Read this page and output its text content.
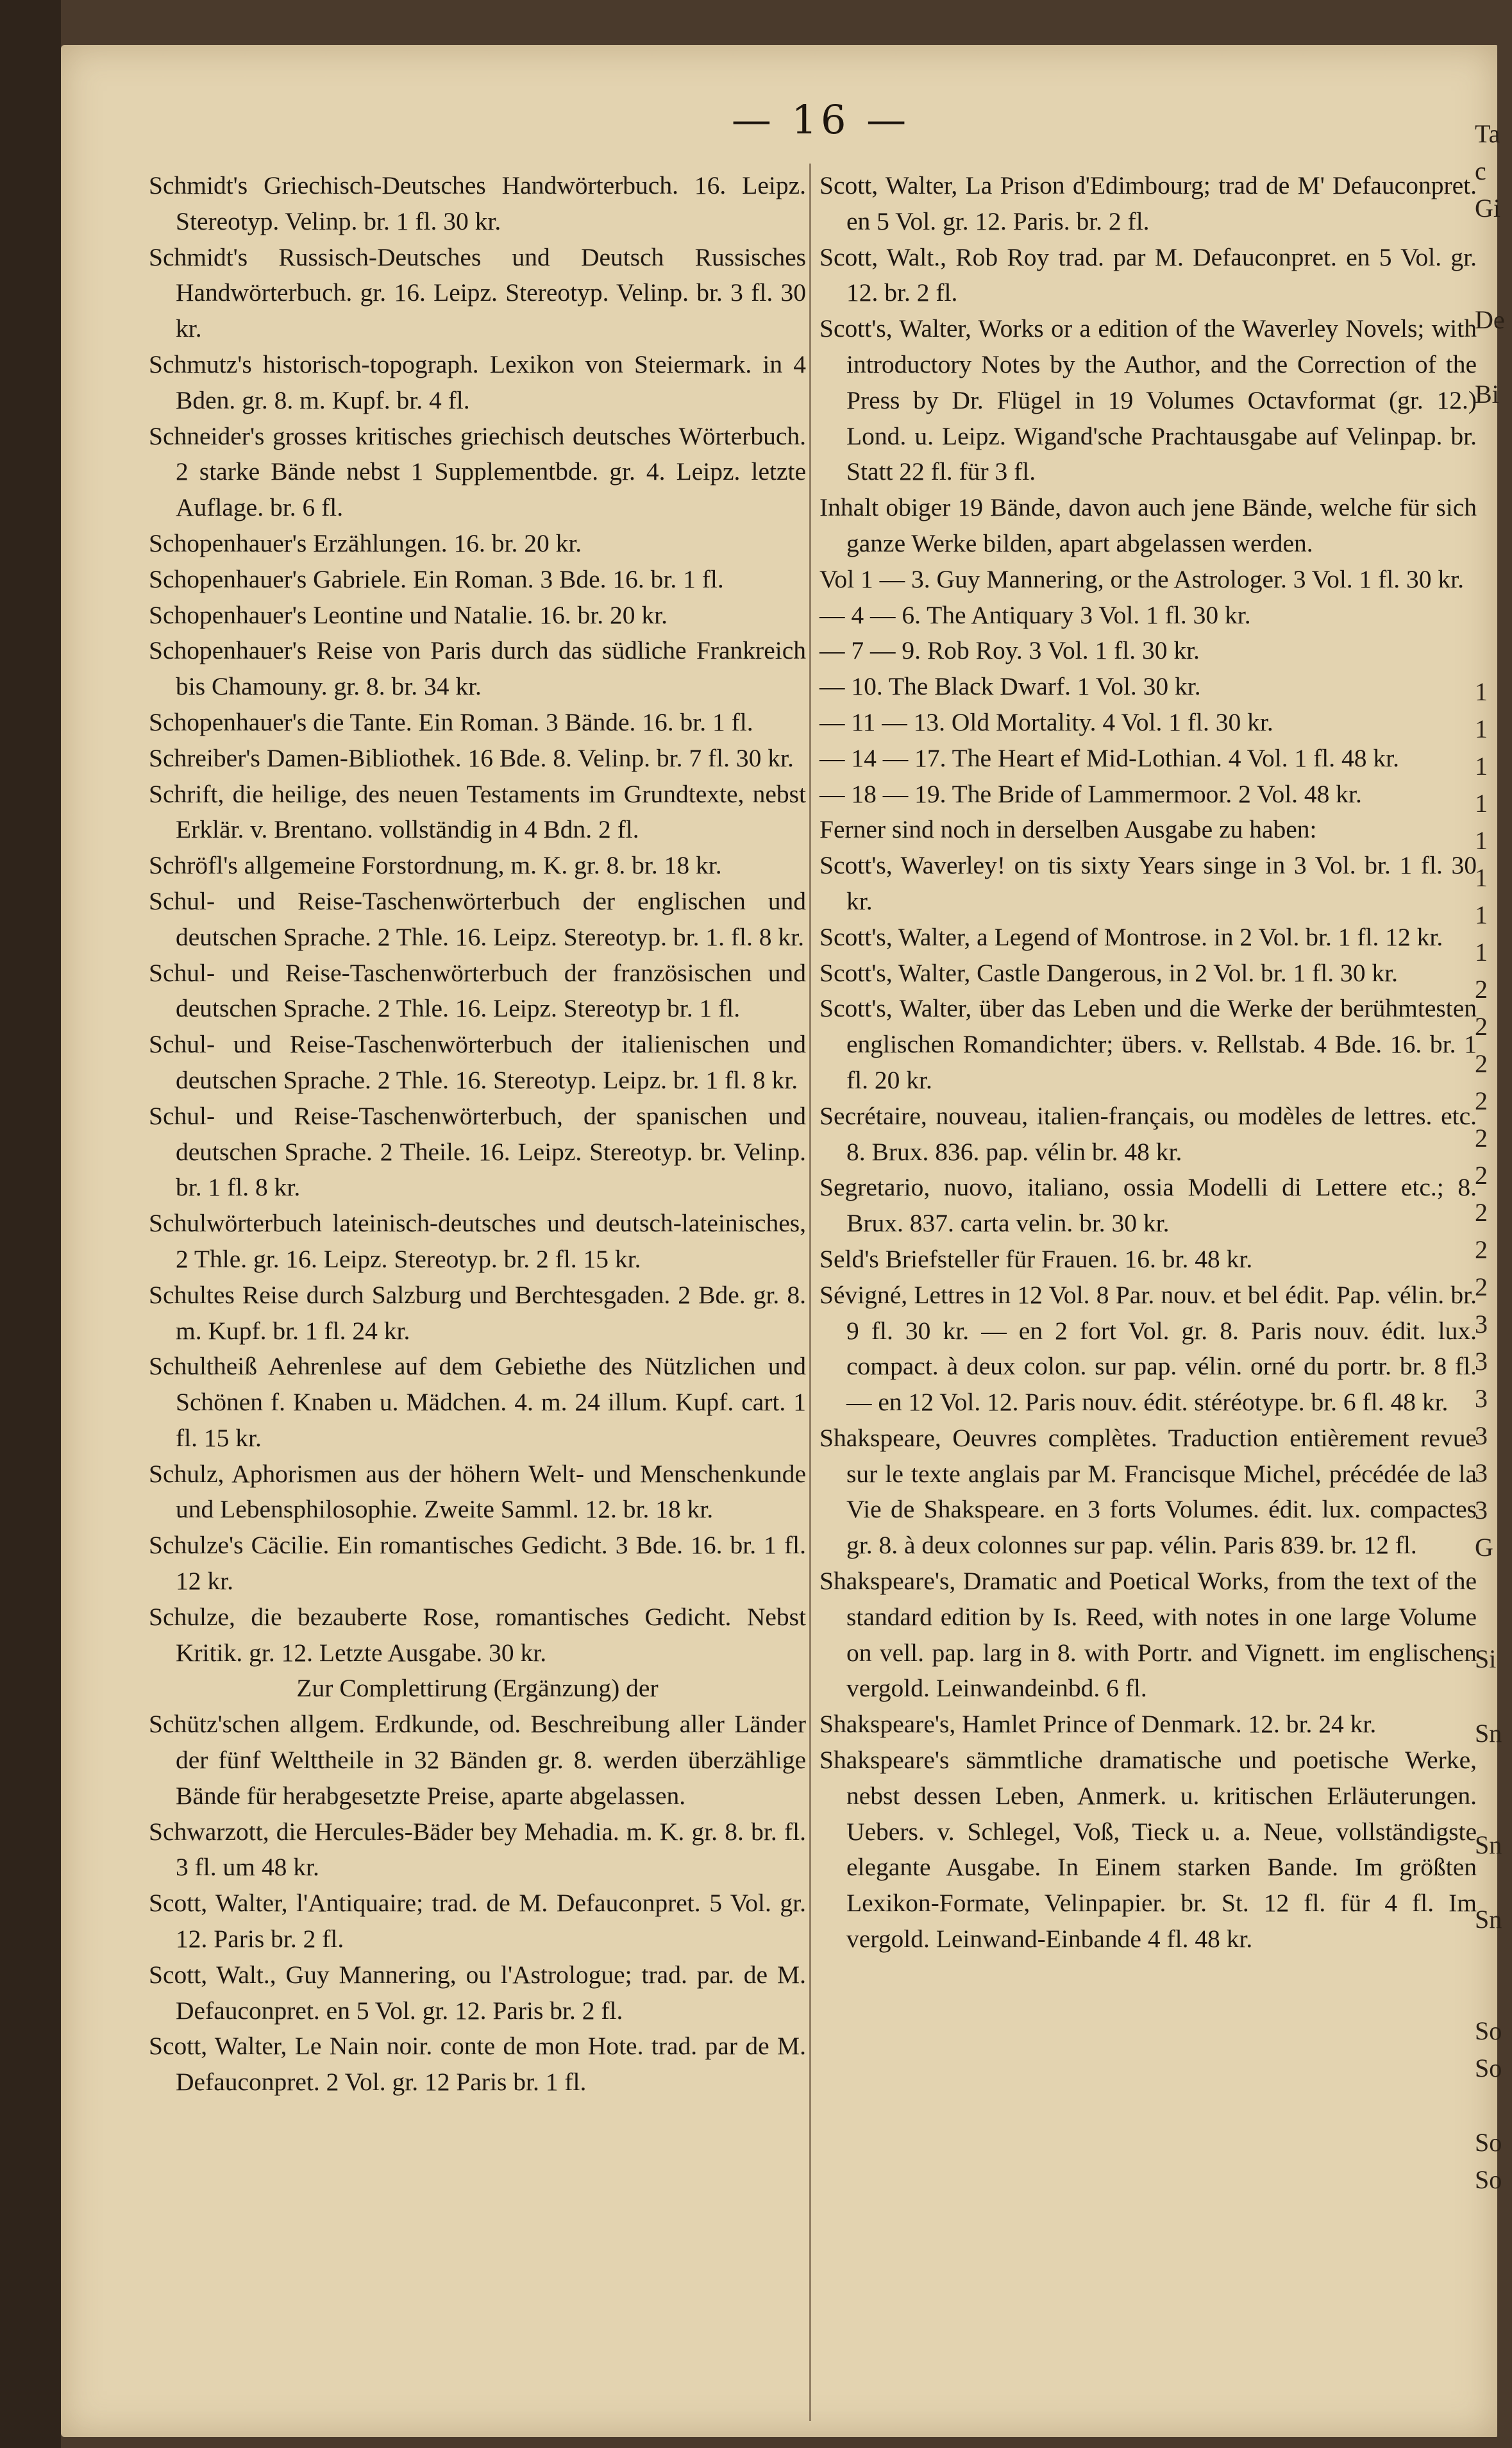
— 16 —

Schmidt's Griechisch-Deutsches Handwörterbuch. 16. Leipz. Stereotyp. Velinp. br. 1 fl. 30 kr.

Schmidt's Russisch-Deutsches und Deutsch Russisches Handwörterbuch. gr. 16. Leipz. Stereotyp. Velinp. br. 3 fl. 30 kr.

Schmutz's historisch-topograph. Lexikon von Steiermark. in 4 Bden. gr. 8. m. Kupf. br. 4 fl.

Schneider's grosses kritisches griechisch deutsches Wörterbuch. 2 starke Bände nebst 1 Supplementbde. gr. 4. Leipz. letzte Auflage. br. 6 fl.

Schopenhauer's Erzählungen. 16. br. 20 kr.

Schopenhauer's Gabriele. Ein Roman. 3 Bde. 16. br. 1 fl.

Schopenhauer's Leontine und Natalie. 16. br. 20 kr.

Schopenhauer's Reise von Paris durch das südliche Frankreich bis Chamouny. gr. 8. br. 34 kr.

Schopenhauer's die Tante. Ein Roman. 3 Bände. 16. br. 1 fl.

Schreiber's Damen-Bibliothek. 16 Bde. 8. Velinp. br. 7 fl. 30 kr.

Schrift, die heilige, des neuen Testaments im Grundtexte, nebst Erklär. v. Brentano. vollständig in 4 Bdn. 2 fl.

Schröfl's allgemeine Forstordnung, m. K. gr. 8. br. 18 kr.

Schul- und Reise-Taschenwörterbuch der englischen und deutschen Sprache. 2 Thle. 16. Leipz. Stereotyp. br. 1. fl. 8 kr.

Schul- und Reise-Taschenwörterbuch der französischen und deutschen Sprache. 2 Thle. 16. Leipz. Stereotyp br. 1 fl.

Schul- und Reise-Taschenwörterbuch der italienischen und deutschen Sprache. 2 Thle. 16. Stereotyp. Leipz. br. 1 fl. 8 kr.

Schul- und Reise-Taschenwörterbuch, der spanischen und deutschen Sprache. 2 Theile. 16. Leipz. Stereotyp. br. Velinp. br. 1 fl. 8 kr.

Schulwörterbuch lateinisch-deutsches und deutsch-lateinisches, 2 Thle. gr. 16. Leipz. Stereotyp. br. 2 fl. 15 kr.

Schultes Reise durch Salzburg und Berchtesgaden. 2 Bde. gr. 8. m. Kupf. br. 1 fl. 24 kr.

Schultheiß Aehrenlese auf dem Gebiethe des Nützlichen und Schönen f. Knaben u. Mädchen. 4. m. 24 illum. Kupf. cart. 1 fl. 15 kr.

Schulz, Aphorismen aus der höhern Welt- und Menschenkunde und Lebensphilosophie. Zweite Samml. 12. br. 18 kr.

Schulze's Cäcilie. Ein romantisches Gedicht. 3 Bde. 16. br. 1 fl. 12 kr.

Schulze, die bezauberte Rose, romantisches Gedicht. Nebst Kritik. gr. 12. Letzte Ausgabe. 30 kr.

Zur Complettirung (Ergänzung) der

Schütz'schen allgem. Erdkunde, od. Beschreibung aller Länder der fünf Welttheile in 32 Bänden gr. 8. werden überzählige Bände für herabgesetzte Preise, aparte abgelassen.

Schwarzott, die Hercules-Bäder bey Mehadia. m. K. gr. 8. br. fl. 3 fl. um 48 kr.

Scott, Walter, l'Antiquaire; trad. de M. Defauconpret. 5 Vol. gr. 12. Paris br. 2 fl.

Scott, Walt., Guy Mannering, ou l'Astrologue; trad. par. de M. Defauconpret. en 5 Vol. gr. 12. Paris br. 2 fl.

Scott, Walter, Le Nain noir. conte de mon Hote. trad. par de M. Defauconpret. 2 Vol. gr. 12 Paris br. 1 fl.

Scott, Walter, La Prison d'Edimbourg; trad de M' Defauconpret. en 5 Vol. gr. 12. Paris. br. 2 fl.

Scott, Walt., Rob Roy trad. par M. Defauconpret. en 5 Vol. gr. 12. br. 2 fl.

Scott's, Walter, Works or a edition of the Waverley Novels; with introductory Notes by the Author, and the Correction of the Press by Dr. Flügel in 19 Volumes Octavformat (gr. 12.) Lond. u. Leipz. Wigand'sche Prachtausgabe auf Velinpap. br. Statt 22 fl. für 3 fl.

Inhalt obiger 19 Bände, davon auch jene Bände, welche für sich ganze Werke bilden, apart abgelassen werden.

Vol 1 — 3. Guy Mannering, or the Astrologer. 3 Vol. 1 fl. 30 kr.

— 4 — 6. The Antiquary 3 Vol. 1 fl. 30 kr.

— 7 — 9. Rob Roy. 3 Vol. 1 fl. 30 kr.

— 10. The Black Dwarf. 1 Vol. 30 kr.

— 11 — 13. Old Mortality. 4 Vol. 1 fl. 30 kr.

— 14 — 17. The Heart ef Mid-Lothian. 4 Vol. 1 fl. 48 kr.

— 18 — 19. The Bride of Lammermoor. 2 Vol. 48 kr.

Ferner sind noch in derselben Ausgabe zu haben:

Scott's, Waverley! on tis sixty Years singe in 3 Vol. br. 1 fl. 30 kr.

Scott's, Walter, a Legend of Montrose. in 2 Vol. br. 1 fl. 12 kr.

Scott's, Walter, Castle Dangerous, in 2 Vol. br. 1 fl. 30 kr.

Scott's, Walter, über das Leben und die Werke der berühmtesten englischen Romandichter; übers. v. Rellstab. 4 Bde. 16. br. 1 fl. 20 kr.

Secrétaire, nouveau, italien-français, ou modèles de lettres. etc. 8. Brux. 836. pap. vélin br. 48 kr.

Segretario, nuovo, italiano, ossia Modelli di Lettere etc.; 8. Brux. 837. carta velin. br. 30 kr.

Seld's Briefsteller für Frauen. 16. br. 48 kr.

Sévigné, Lettres in 12 Vol. 8 Par. nouv. et bel édit. Pap. vélin. br. 9 fl. 30 kr. — en 2 fort Vol. gr. 8. Paris nouv. édit. lux. compact. à deux colon. sur pap. vélin. orné du portr. br. 8 fl. — en 12 Vol. 12. Paris nouv. édit. stéréotype. br. 6 fl. 48 kr.

Shakspeare, Oeuvres complètes. Traduction entièrement revue sur le texte anglais par M. Francisque Michel, précédée de la Vie de Shakspeare. en 3 forts Volumes. édit. lux. compactes gr. 8. à deux colonnes sur pap. vélin. Paris 839. br. 12 fl.

Shakspeare's, Dramatic and Poetical Works, from the text of the standard edition by Is. Reed, with notes in one large Volume on vell. pap. larg in 8. with Portr. and Vignett. im englischen vergold. Leinwandeinbd. 6 fl.

Shakspeare's, Hamlet Prince of Denmark. 12. br. 24 kr.

Shakspeare's sämmtliche dramatische und poetische Werke, nebst dessen Leben, Anmerk. u. kritischen Erläuterungen. Uebers. v. Schlegel, Voß, Tieck u. a. Neue, vollständigste elegante Ausgabe. In Einem starken Bande. Im größten Lexikon-Formate, Velinpapier. br. St. 12 fl. für 4 fl. Im vergold. Leinwand-Einbande 4 fl. 48 kr.

Ta
c
Gi
De
Bi
1
1
1
1
1
1
1
1
2
2
2
2
2
2
2
2
2
3
3
3
3
3
3
G
Si
Sn
Sn
Sn
So
So
So
So
